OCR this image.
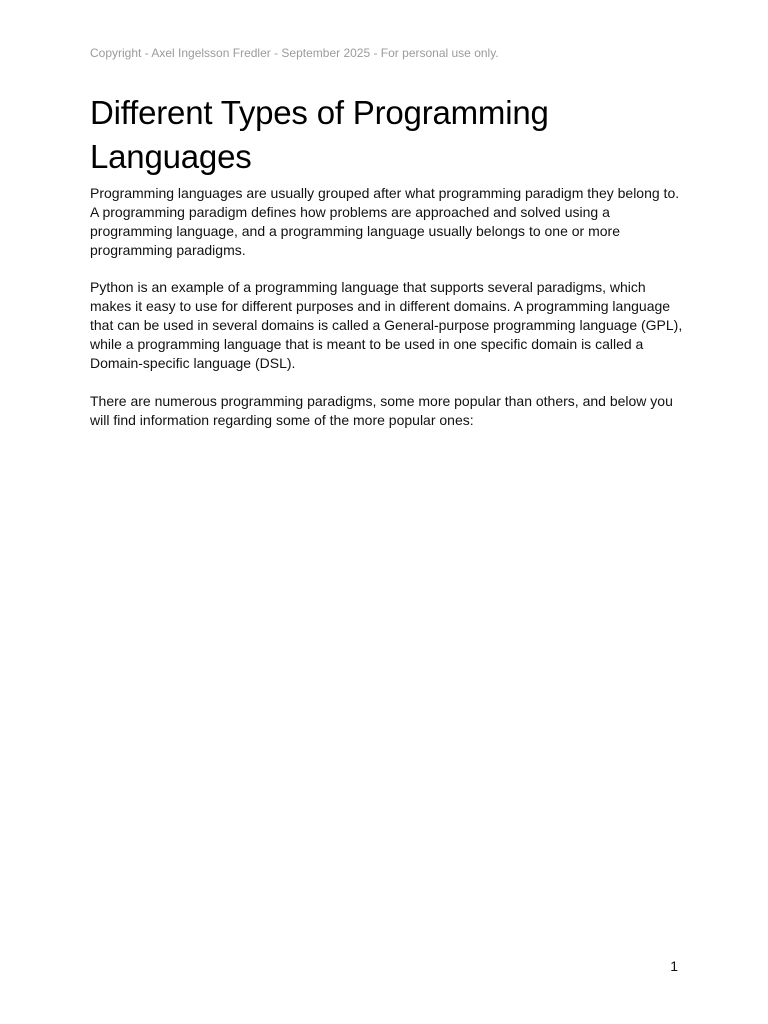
Copyright - Axel Ingelsson Fredler - September 2025 - For personal use only.
Different Types of Programming Languages

Programming languages are usually grouped after what programming paradigm they belong to. A programming paradigm defines how problems are approached and solved using a programming language, and a programming language usually belongs to one or more programming paradigms.

Python is an example of a programming language that supports several paradigms, which makes it easy to use for different purposes and in different domains. A programming language that can be used in several domains is called a General-purpose programming language (GPL), while a programming language that is meant to be used in one specific domain is called a Domain-specific language (DSL).

There are numerous programming paradigms, some more popular than others, and below you will find information regarding some of the more popular ones:

1
